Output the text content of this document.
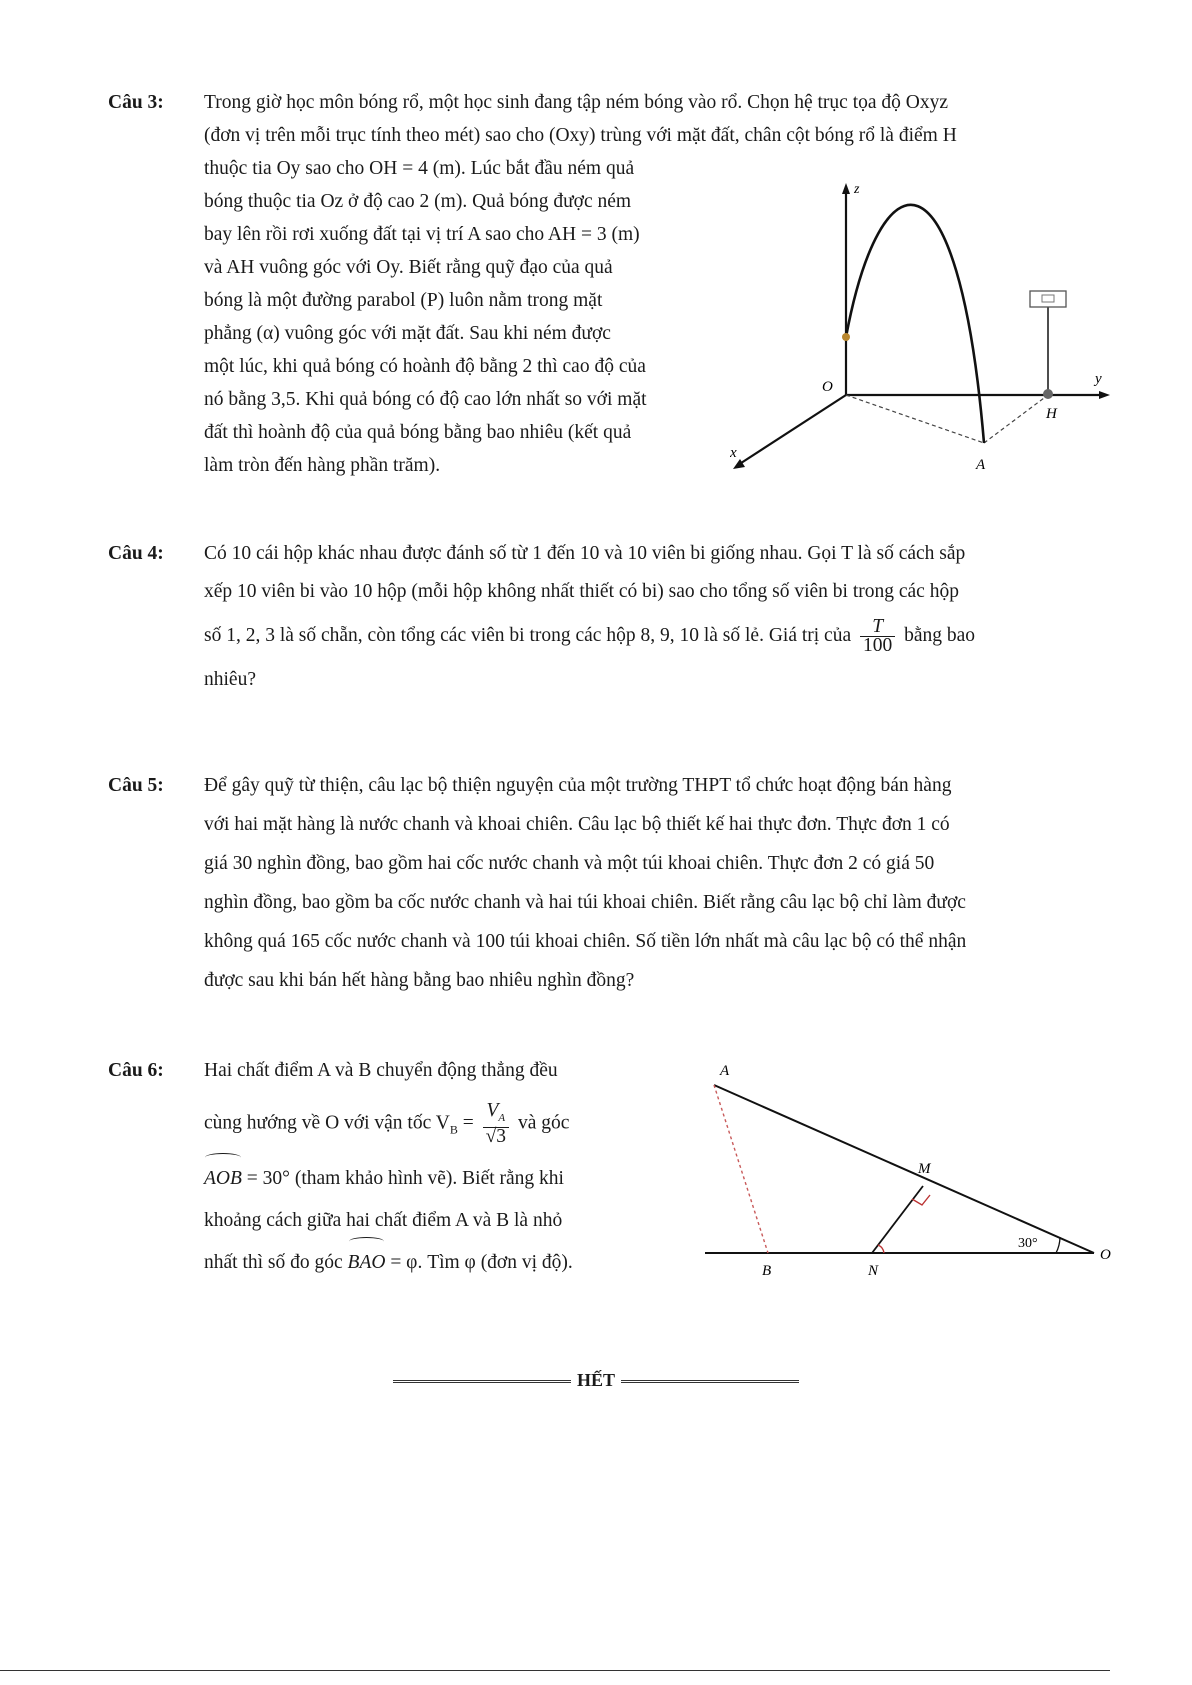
Câu 3: Trong giờ học môn bóng rổ, một học sinh đang tập ném bóng vào rổ. Chọn hệ trục tọa độ Oxyz

(đơn vị trên mỗi trục tính theo mét) sao cho (Oxy) trùng với mặt đất, chân cột bóng rổ là điểm H

thuộc tia Oy sao cho OH = 4 (m). Lúc bắt đầu ném quả

bóng thuộc tia Oz ở độ cao 2 (m). Quả bóng được ném

bay lên rồi rơi xuống đất tại vị trí A sao cho AH = 3 (m)

và AH vuông góc với Oy. Biết rằng quỹ đạo của quả

bóng là một đường parabol (P) luôn nằm trong mặt

phẳng (α) vuông góc với mặt đất. Sau khi ném được

một lúc, khi quả bóng có hoành độ bằng 2 thì cao độ của

nó bằng 3,5. Khi quả bóng có độ cao lớn nhất so với mặt

đất thì hoành độ của quả bóng bằng bao nhiêu (kết quả

làm tròn đến hàng phần trăm).

z
y
x
O
H
A
Câu 4: Có 10 cái hộp khác nhau được đánh số từ 1 đến 10 và 10 viên bi giống nhau. Gọi T là số cách sắp

xếp 10 viên bi vào 10 hộp (mỗi hộp không nhất thiết có bi) sao cho tổng số viên bi trong các hộp

số 1, 2, 3 là số chẵn, còn tổng các viên bi trong các hộp 8, 9, 10 là số lẻ. Giá trị của $\frac{T}{100}$ bằng bao

nhiêu?

Câu 5: Để gây quỹ từ thiện, câu lạc bộ thiện nguyện của một trường THPT tổ chức hoạt động bán hàng

với hai mặt hàng là nước chanh và khoai chiên. Câu lạc bộ thiết kế hai thực đơn. Thực đơn 1 có

giá 30 nghìn đồng, bao gồm hai cốc nước chanh và một túi khoai chiên. Thực đơn 2 có giá 50

nghìn đồng, bao gồm ba cốc nước chanh và hai túi khoai chiên. Biết rằng câu lạc bộ chỉ làm được

không quá 165 cốc nước chanh và 100 túi khoai chiên. Số tiền lớn nhất mà câu lạc bộ có thể nhận

được sau khi bán hết hàng bằng bao nhiêu nghìn đồng?

Câu 6: Hai chất điểm A và B chuyển động thẳng đều

cùng hướng về O với vận tốc $V_B = \frac{V_A}{√3}$ và góc

AOB = 30° (tham khảo hình vẽ). Biết rằng khi

khoảng cách giữa hai chất điểm A và B là nhỏ

nhất thì số đo góc BAO = φ. Tìm φ (đơn vị độ).

A
M
B	N
O
30°
HẾT
